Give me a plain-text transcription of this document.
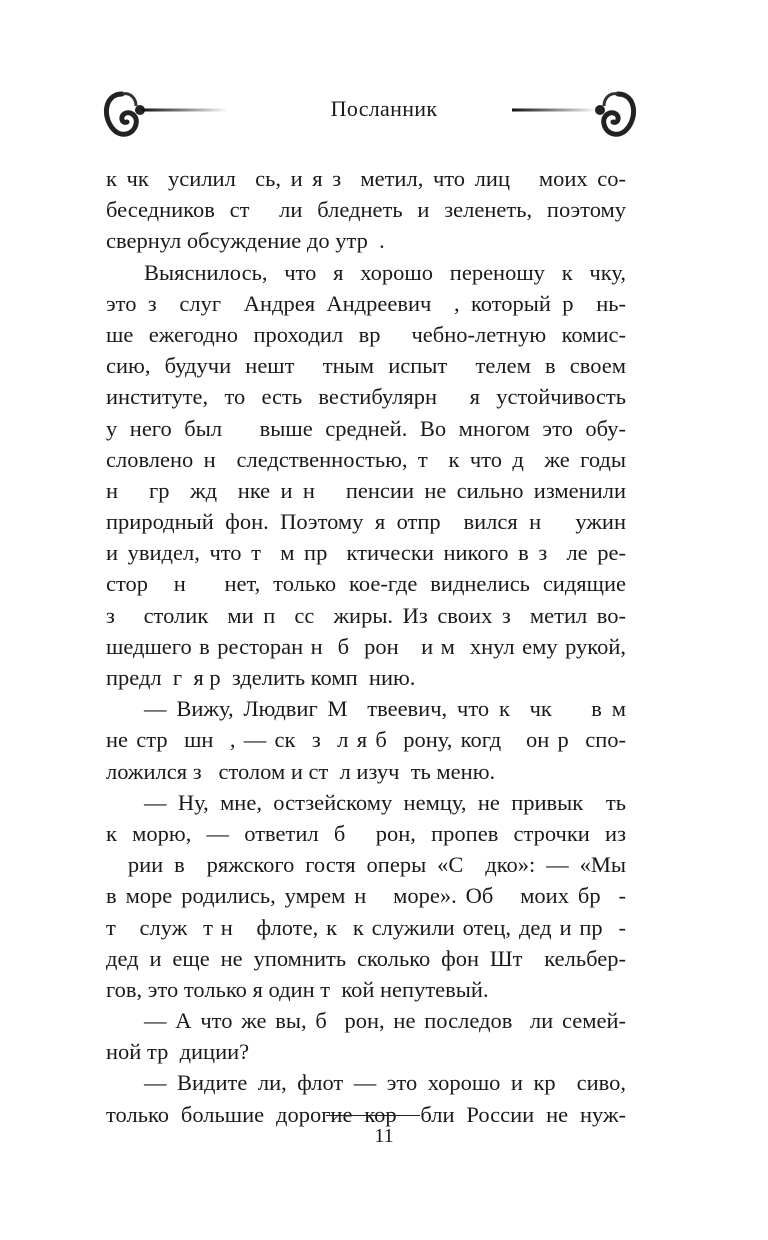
Посланник
к чк  усилил  сь, и я з  метил, что лиц   моих со-
беседников ст  ли бледнеть и зеленеть, поэтому
свернул обсуждение до утр  .
Выяснилось, что я хорошо переношу к чку,
это з  слуг  Андрея Андреевич  , который р  нь-
ше ежегодно проходил вр  чебно-летную комис-
сию, будучи нешт  тным испыт  телем в своем
институте, то есть вестибулярн  я устойчивость
у него был   выше средней. Во многом это обу-
словлено н  следственностью, т  к что д  же годы
н   гр  жд  нке и н   пенсии не сильно изменили
природный фон. Поэтому я отпр  вился н   ужин
и увидел, что т  м пр  ктически никого в з  ле ре-
стор  н   нет, только кое-где виднелись сидящие
з   столик  ми п  сс  жиры. Из своих з  метил во-
шедшего в ресторан н  б  рон   и м  хнул ему рукой,
предл  г  я р  зделить комп  нию.
— Вижу, Людвиг М  твеевич, что к  чк    в м
не стр  шн  , — ск  з  л я б  рону, когд   он р  спо-
ложился з   столом и ст  л изуч  ть меню.
— Ну, мне, остзейскому немцу, не привык  ть
к морю, — ответил б  рон, пропев строчки из
рии в  ряжского гостя оперы «С  дко»: — «Мы
в море родились, умрем н   море». Об   моих бр  -
т   служ  т н   флоте, к  к служили отец, дед и пр  -
дед и еще не упомнить сколько фон Шт  кельбер-
гов, это только я один т  кой непутевый.
— А что же вы, б  рон, не последов  ли семей-
ной тр  диции?
— Видите ли, флот — это хорошо и кр  сиво,
только большие дорогие кор  бли России не нуж-
11
